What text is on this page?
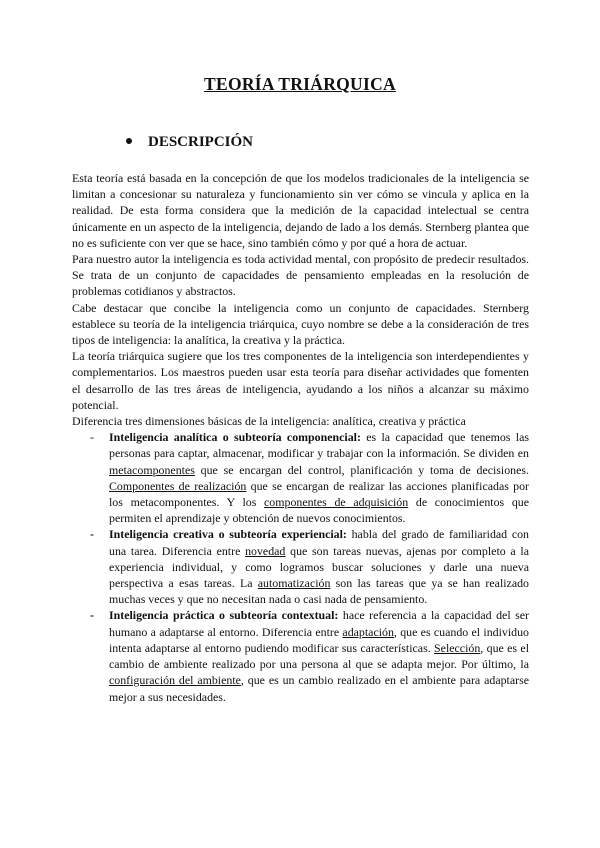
TEORÍA TRIÁRQUICA
DESCRIPCIÓN

Esta teoría está basada en la concepción de que los modelos tradicionales de la inteligencia se limitan a concesionar su naturaleza y funcionamiento sin ver cómo se vincula y aplica en la realidad. De esta forma considera que la medición de la capacidad intelectual se centra únicamente en un aspecto de la inteligencia, dejando de lado a los demás. Sternberg plantea que no es suficiente con ver que se hace, sino también cómo y por qué a hora de actuar.

Para nuestro autor la inteligencia es toda actividad mental, con propósito de predecir resultados. Se trata de un conjunto de capacidades de pensamiento empleadas en la resolución de problemas cotidianos y abstractos.

Cabe destacar que concibe la inteligencia como un conjunto de capacidades. Sternberg establece su teoría de la inteligencia triárquica, cuyo nombre se debe a la consideración de tres tipos de inteligencia: la analítica, la creativa y la práctica.

La teoría triárquica sugiere que los tres componentes de la inteligencia son interdependientes y complementarios. Los maestros pueden usar esta teoría para diseñar actividades que fomenten el desarrollo de las tres áreas de inteligencia, ayudando a los niños a alcanzar su máximo potencial.

Diferencia tres dimensiones básicas de la inteligencia: analítica, creativa y práctica

- Inteligencia analítica o subteoría componencial: es la capacidad que tenemos las personas para captar, almacenar, modificar y trabajar con la información. Se dividen en metacomponentes que se encargan del control, planificación y toma de decisiones. Componentes de realización que se encargan de realizar las acciones planificadas por los metacomponentes. Y los componentes de adquisición de conocimientos que permiten el aprendizaje y obtención de nuevos conocimientos.
- Inteligencia creativa o subteoría experiencial: habla del grado de familiaridad con una tarea. Diferencia entre novedad que son tareas nuevas, ajenas por completo a la experiencia individual, y como logramos buscar soluciones y darle una nueva perspectiva a esas tareas. La automatización son las tareas que ya se han realizado muchas veces y que no necesitan nada o casi nada de pensamiento.
- Inteligencia práctica o subteoría contextual: hace referencia a la capacidad del ser humano a adaptarse al entorno. Diferencia entre adaptación, que es cuando el individuo intenta adaptarse al entorno pudiendo modificar sus características. Selección, que es el cambio de ambiente realizado por una persona al que se adapta mejor. Por último, la configuración del ambiente, que es un cambio realizado en el ambiente para adaptarse mejor a sus necesidades.
